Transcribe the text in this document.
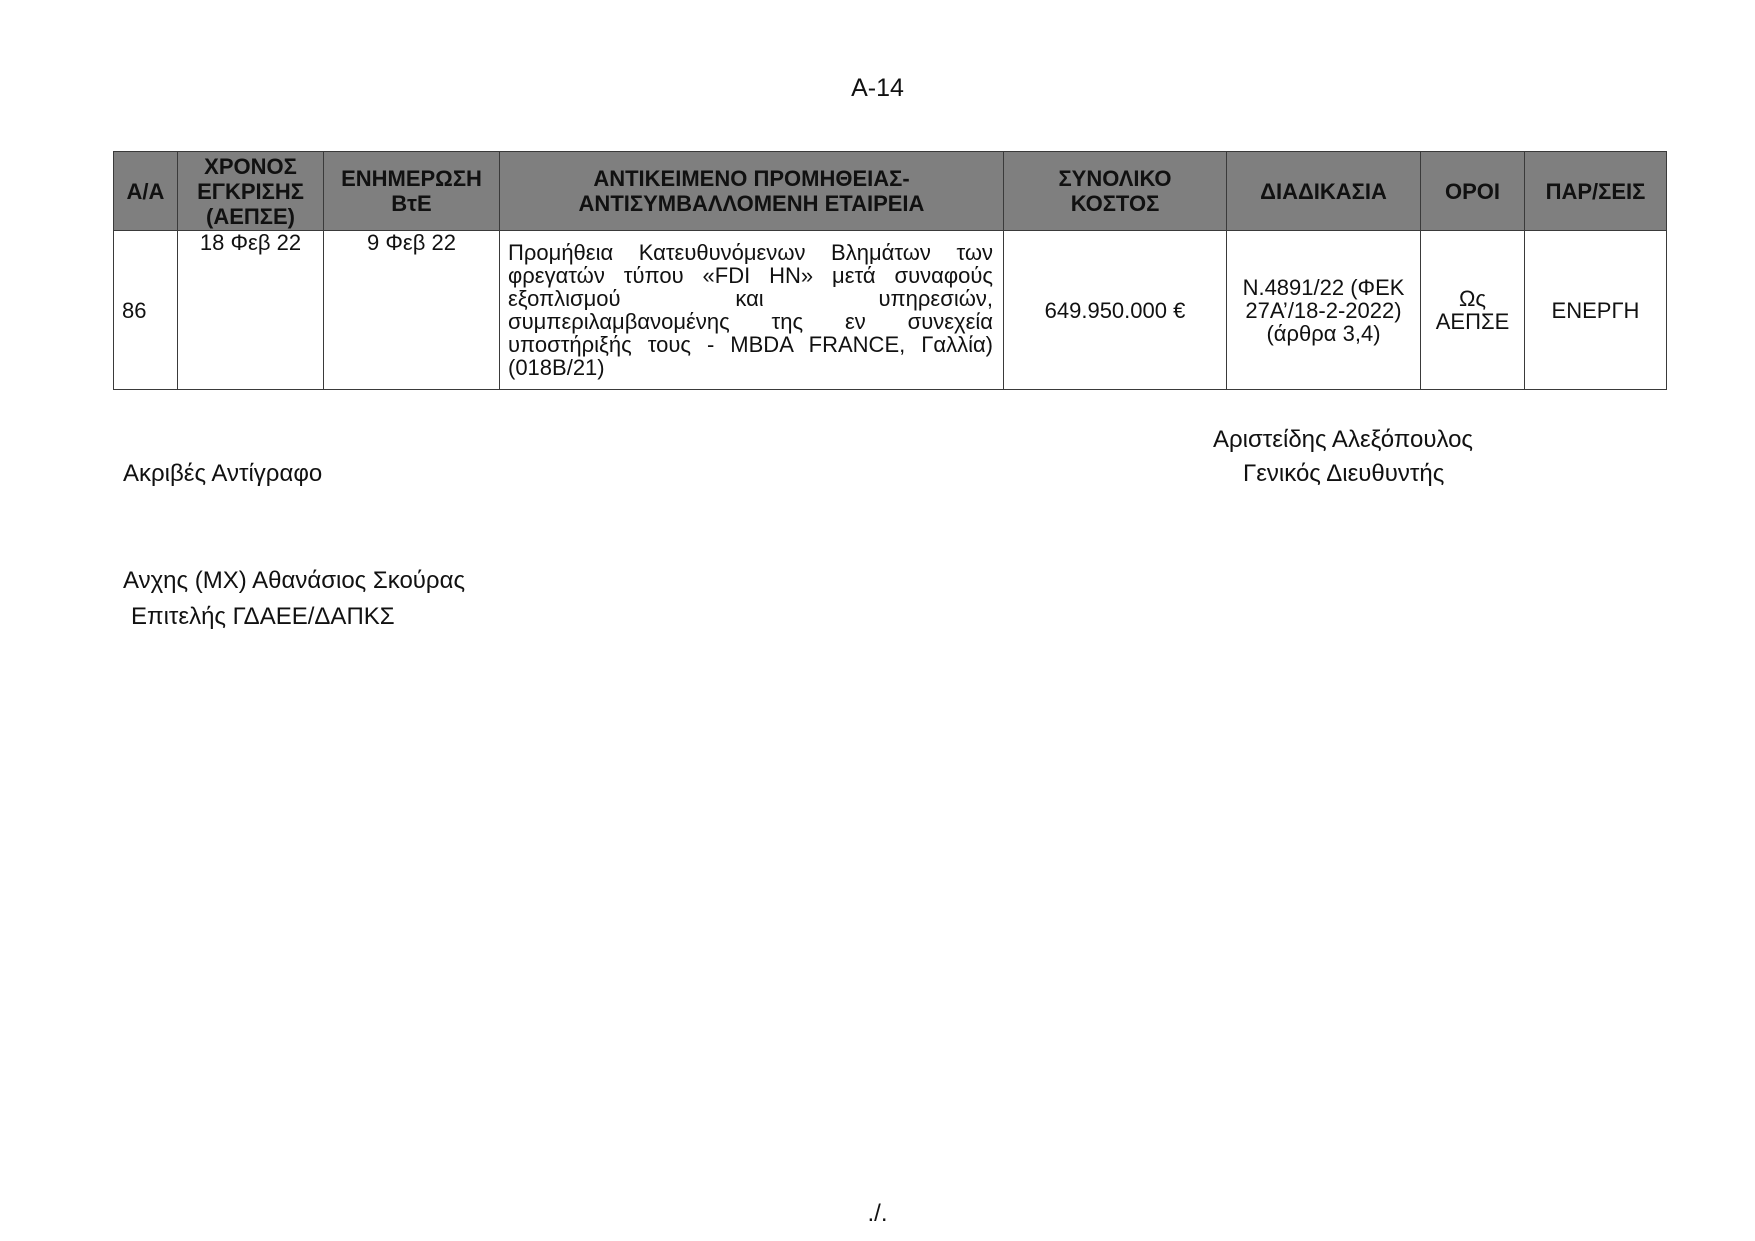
Α-14
Α/Α	ΧΡΟΝΟΣ ΕΓΚΡΙΣΗΣ (ΑΕΠΣΕ)	ΕΝΗΜΕΡΩΣΗ ΒτΕ	ΑΝΤΙΚΕΙΜΕΝΟ ΠΡΟΜΗΘΕΙΑΣ- ΑΝΤΙΣΥΜΒΑΛΛΟΜΕΝΗ ΕΤΑΙΡΕΙΑ	ΣΥΝΟΛΙΚΟ ΚΟΣΤΟΣ	ΔΙΑΔΙΚΑΣΙΑ	ΟΡΟΙ	ΠΑΡ/ΣΕΙΣ
86	18 Φεβ 22	9 Φεβ 22	Προμήθεια Κατευθυνόμενων Βλημάτων των φρεγατών τύπου «FDI HN» μετά συναφούς εξοπλισμού και υπηρεσιών, συμπεριλαμβανομένης της εν συνεχεία υποστήριξής τους - MBDA FRANCE, Γαλλία) (018Β/21)	649.950.000 €	Ν.4891/22 (ΦΕΚ 27Α’/18-2-2022) (άρθρα 3,4)	Ως ΑΕΠΣΕ	ΕΝΕΡΓΗ
Αριστείδης Αλεξόπουλος
Γενικός Διευθυντής
Ακριβές Αντίγραφο
Ανχης (ΜΧ) Αθανάσιος Σκούρας
Επιτελής ΓΔΑΕΕ/ΔΑΠΚΣ
./.
